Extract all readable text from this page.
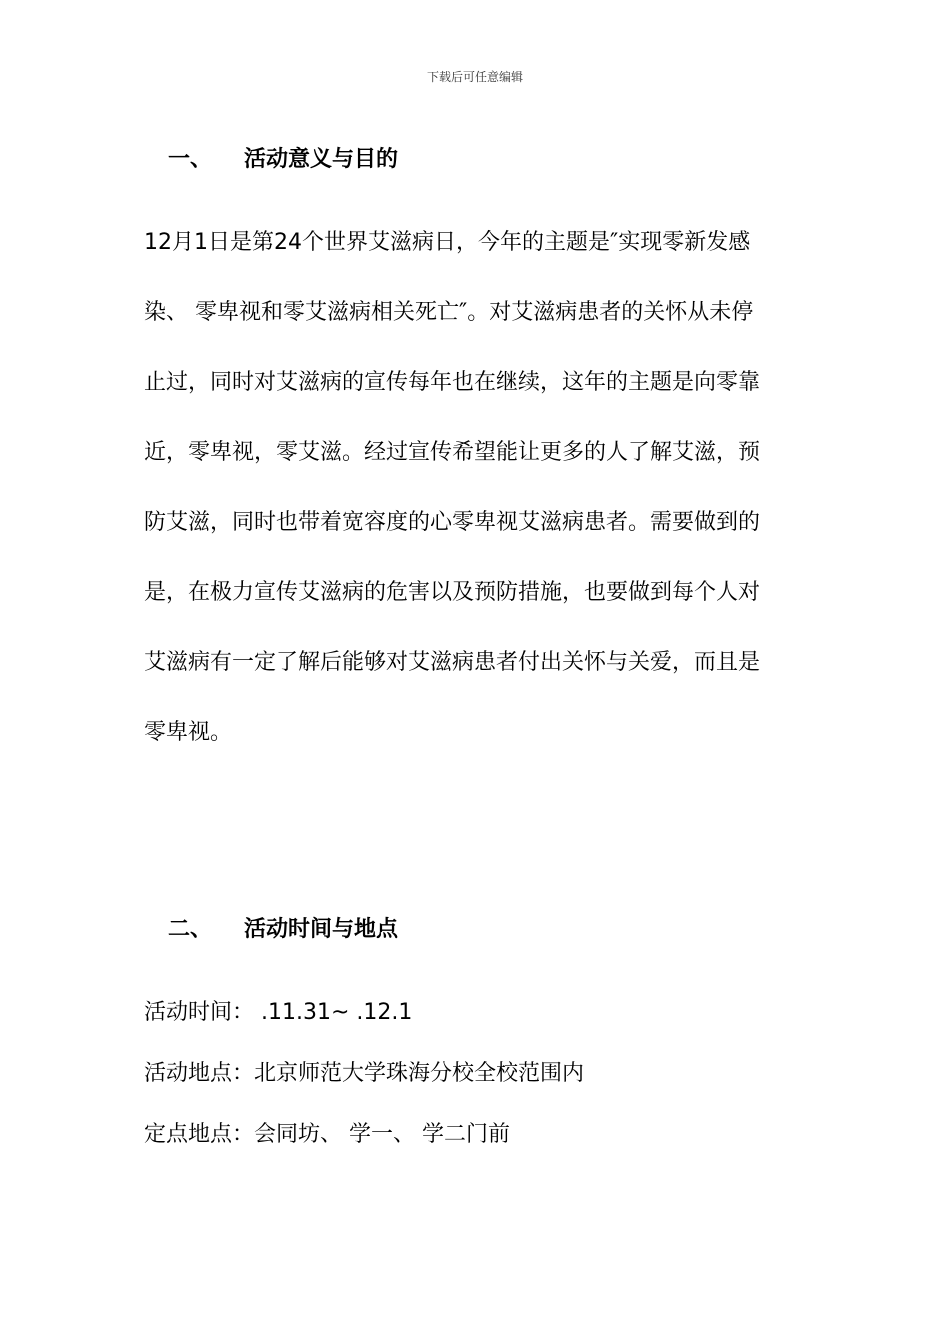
下载后可任意编辑
一、	活动意义与目的
12月1日是第24个世界艾滋病日，今年的主题是″实现零新发感
染、 零卑视和零艾滋病相关死亡″。对艾滋病患者的关怀从未停
止过，同时对艾滋病的宣传每年也在继续，这年的主题是向零靠
近，零卑视，零艾滋。经过宣传希望能让更多的人了解艾滋，预
防艾滋，同时也带着宽容度的心零卑视艾滋病患者。需要做到的
是，在极力宣传艾滋病的危害以及预防措施，也要做到每个人对
艾滋病有一定了解后能够对艾滋病患者付出关怀与关爱，而且是
零卑视。
二、	活动时间与地点
活动时间： .11.31~ .12.1
活动地点：北京师范大学珠海分校全校范围内
定点地点：会同坊、 学一、 学二门前
